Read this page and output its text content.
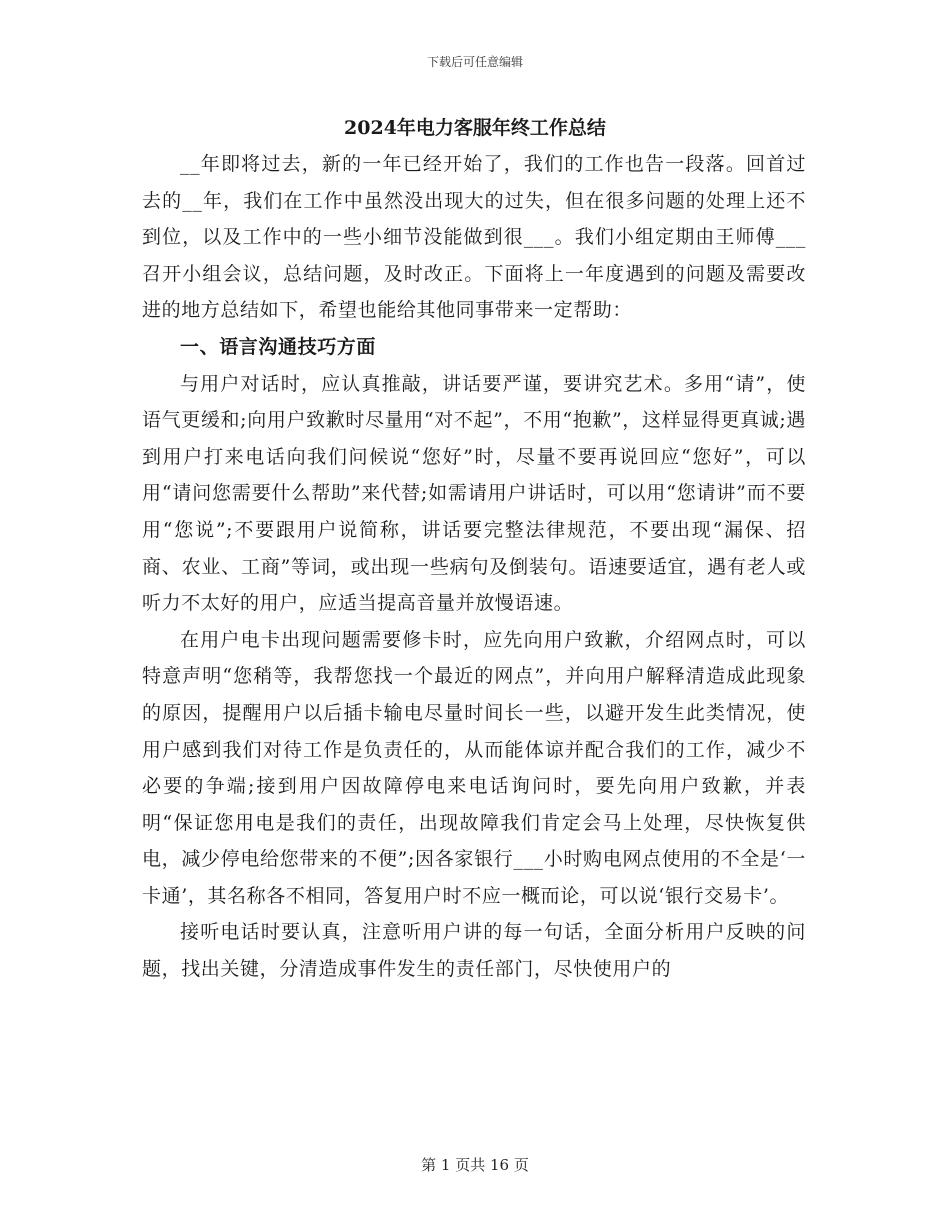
下载后可任意编辑
2024年电力客服年终工作总结

__年即将过去，新的一年已经开始了，我们的工作也告一段落。回首过去的__年，我们在工作中虽然没出现大的过失，但在很多问题的处理上还不到位，以及工作中的一些小细节没能做到很___。我们小组定期由王师傅___召开小组会议，总结问题，及时改正。下面将上一年度遇到的问题及需要改进的地方总结如下，希望也能给其他同事带来一定帮助：

一、语言沟通技巧方面

与用户对话时，应认真推敲，讲话要严谨，要讲究艺术。多用“请”，使语气更缓和;向用户致歉时尽量用“对不起”，不用“抱歉”，这样显得更真诚;遇到用户打来电话向我们问候说“您好”时，尽量不要再说回应“您好”，可以用“请问您需要什么帮助”来代替;如需请用户讲话时，可以用“您请讲”而不要用“您说”;不要跟用户说简称，讲话要完整法律规范，不要出现“漏保、招商、农业、工商”等词，或出现一些病句及倒装句。语速要适宜，遇有老人或听力不太好的用户，应适当提高音量并放慢语速。

在用户电卡出现问题需要修卡时，应先向用户致歉，介绍网点时，可以特意声明“您稍等，我帮您找一个最近的网点”，并向用户解释清造成此现象的原因，提醒用户以后插卡输电尽量时间长一些，以避开发生此类情况，使用户感到我们对待工作是负责任的，从而能体谅并配合我们的工作，减少不必要的争端;接到用户因故障停电来电话询问时，要先向用户致歉，并表明“保证您用电是我们的责任，出现故障我们肯定会马上处理，尽快恢复供电，减少停电给您带来的不便”;因各家银行___小时购电网点使用的不全是‘一卡通’，其名称各不相同，答复用户时不应一概而论，可以说‘银行交易卡’。

接听电话时要认真，注意听用户讲的每一句话，全面分析用户反映的问题，找出关键，分清造成事件发生的责任部门，尽快使用户的

第 1 页共 16 页
